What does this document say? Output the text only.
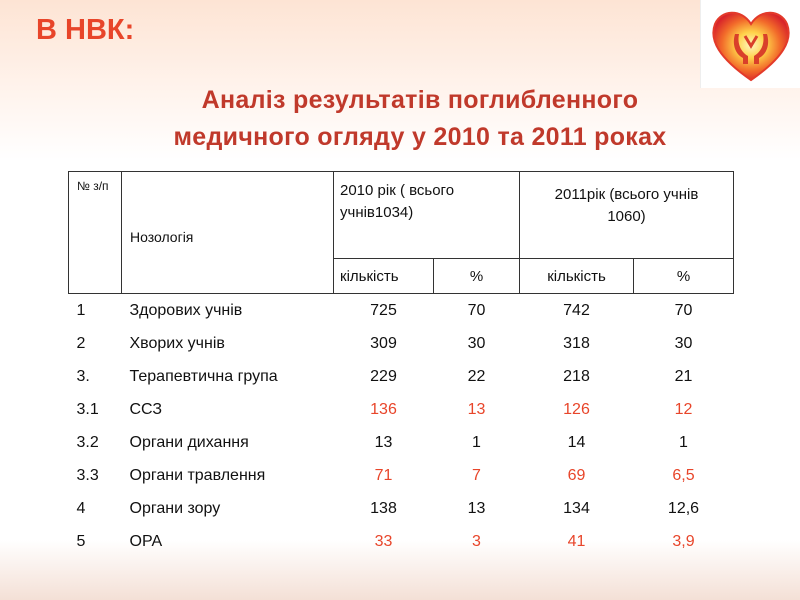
В НВК:
Аналіз результатів поглибленного
медичного огляду у 2010 та 2011 роках
№ з/п	Нозологія	2010 рік ( всього учнів1034)		2011рік (всього учнів 1060)	

		кількість	%	кількість	%
1	Здорових учнів	725	70	742	70
2	Хворих учнів	309	30	318	30
3.	Терапевтична група	229	22	218	21
3.1	ССЗ	136	13	126	12
3.2	Органи дихання	13	1	14	1
3.3	Органи травлення	71	7	69	6,5
4	Органи зору	138	13	134	12,6
5	ОРА	33	3	41	3,9
